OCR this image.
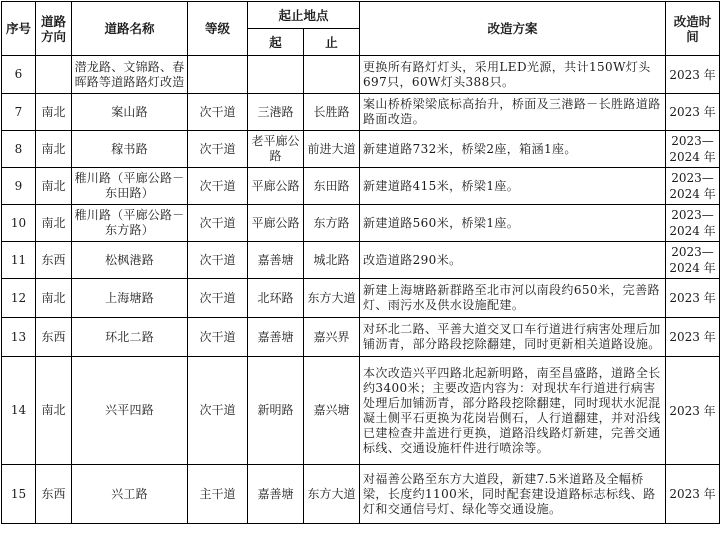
序号	道路方向	道路名称	等级	起止地点		改造方案	改造时间
				起	止		
6		潜龙路、文锦路、春晖路等道路路灯改造				更换所有路灯灯头，采用LED光源，共计150W灯头697只，60W灯头388只。	2023 年
7	南北	案山路	次干道	三港路	长胜路	案山桥桥梁梁底标高抬升，桥面及三港路－长胜路道路路面改造。	2023 年
8	南北	稼书路	次干道	老平廊公路	前进大道	新建道路732米，桥梁2座，箱涵1座。	2023—2024 年
9	南北	稚川路（平廊公路－东田路）	次干道	平廊公路	东田路	新建道路415米，桥梁1座。	2023—2024 年
10	南北	稚川路（平廊公路－东方路）	次干道	平廊公路	东方路	新建道路560米，桥梁1座。	2023—2024 年
11	东西	松枫港路	次干道	嘉善塘	城北路	改造道路290米。	2023—2024 年
12	南北	上海塘路	次干道	北环路	东方大道	新建上海塘路新群路至北市河以南段约650米，完善路灯、雨污水及供水设施配建。	2023 年
13	东西	环北二路	次干道	嘉善塘	嘉兴界	对环北二路、平善大道交叉口车行道进行病害处理后加铺沥青，部分路段挖除翻建，同时更新相关道路设施。	2023 年
14	南北	兴平四路	次干道	新明路	嘉兴塘	本次改造兴平四路北起新明路，南至昌盛路，道路全长约3400米；主要改造内容为：对现状车行道进行病害处理后加铺沥青，部分路段挖除翻建，同时现状水泥混凝土侧平石更换为花岗岩侧石，人行道翻建，并对沿线已建检查井盖进行更换，道路沿线路灯新建，完善交通标线、交通设施杆件进行喷涂等。	2023 年
15	东西	兴工路	主干道	嘉善塘	东方大道	对福善公路至东方大道段，新建7.5米道路及全幅桥梁，长度约1100米，同时配套建设道路标志标线、路灯和交通信号灯、绿化等交通设施。	2023 年
